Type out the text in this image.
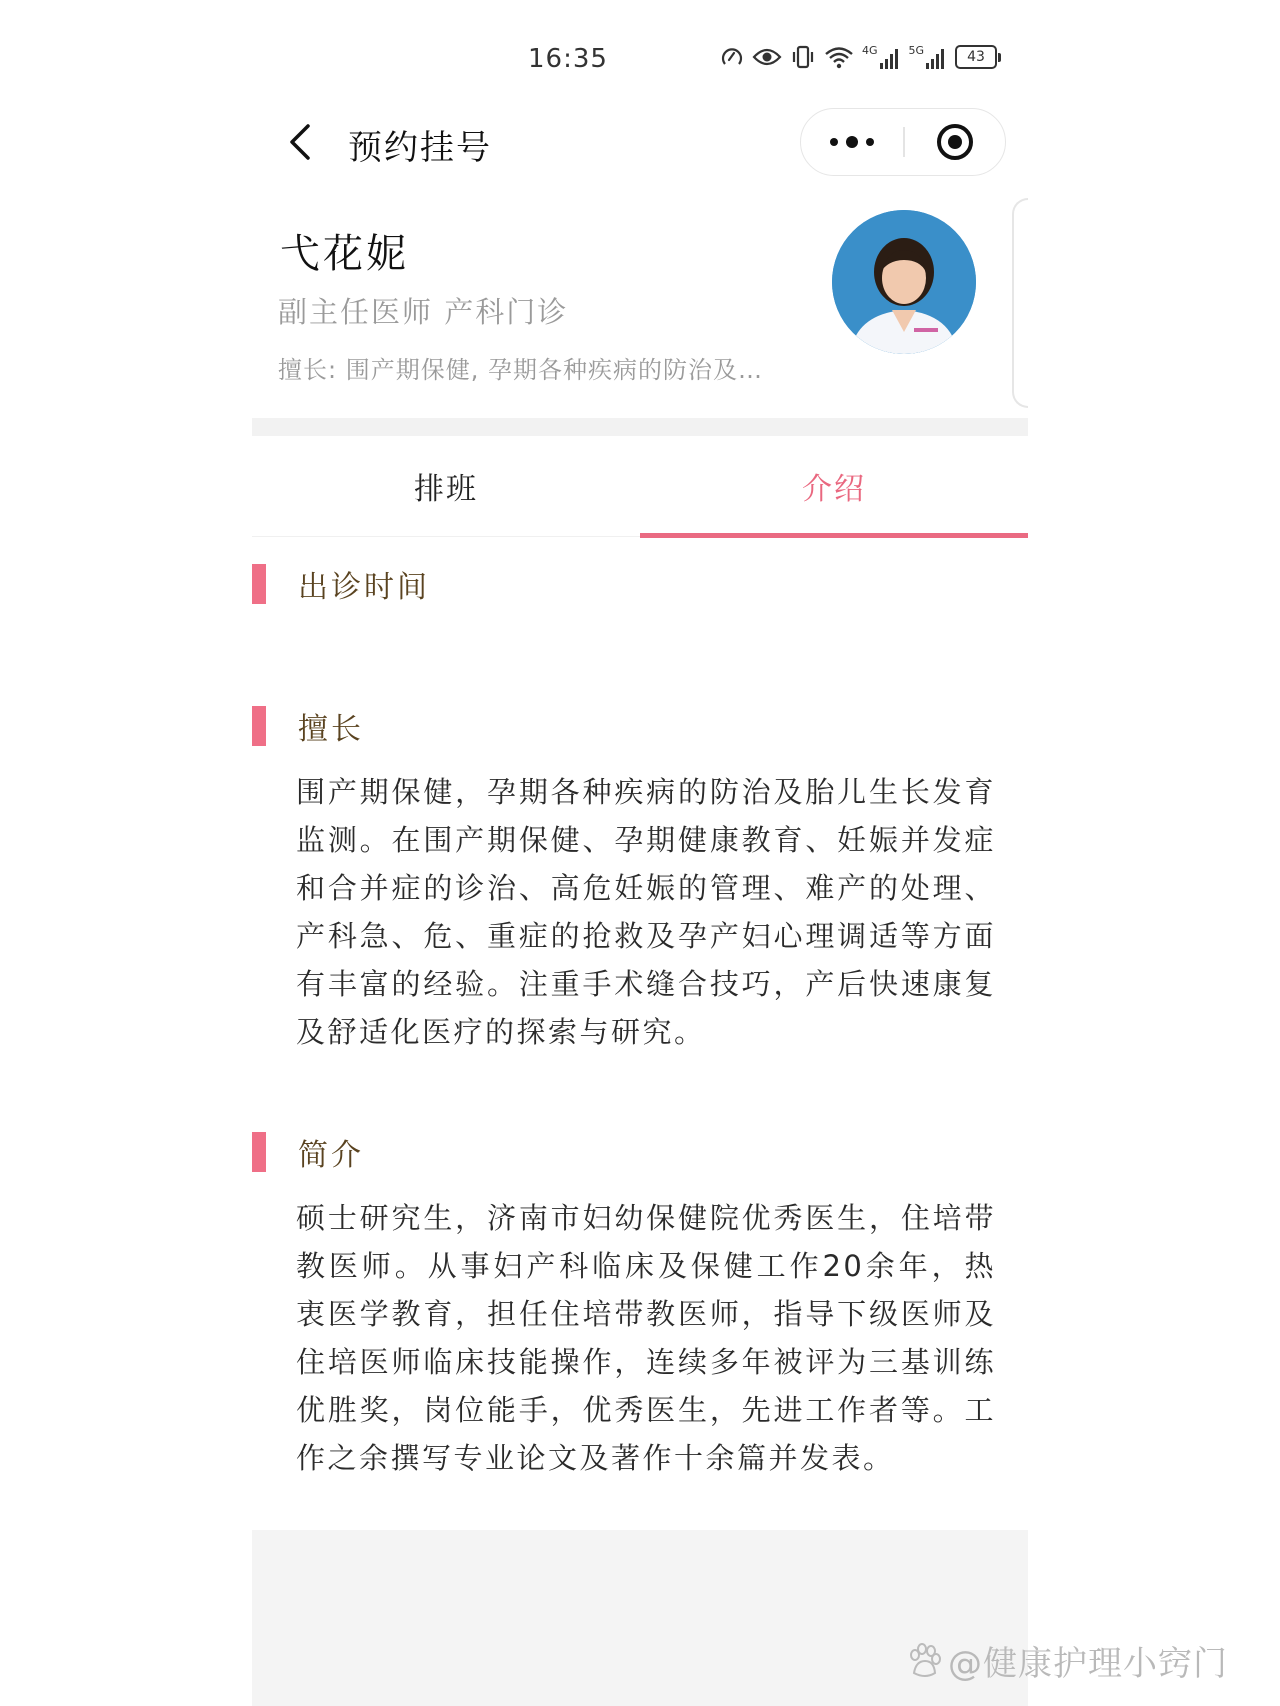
16:35	4G	5G	43
预约挂号
弋花妮
副主任医师 产科门诊
擅长: 围产期保健, 孕期各种疾病的防治及…
排班	介绍
出诊时间
擅长
围产期保健，孕期各种疾病的防治及胎儿生长发育监测。在围产期保健、孕期健康教育、妊娠并发症和合并症的诊治、高危妊娠的管理、难产的处理、产科急、危、重症的抢救及孕产妇心理调适等方面有丰富的经验。注重手术缝合技巧，产后快速康复及舒适化医疗的探索与研究。
简介
硕士研究生，济南市妇幼保健院优秀医生，住培带教医师。从事妇产科临床及保健工作20余年，热衷医学教育，担任住培带教医师，指导下级医师及住培医师临床技能操作，连续多年被评为三基训练优胜奖，岗位能手，优秀医生，先进工作者等。工作之余撰写专业论文及著作十余篇并发表。
@健康护理小窍门
